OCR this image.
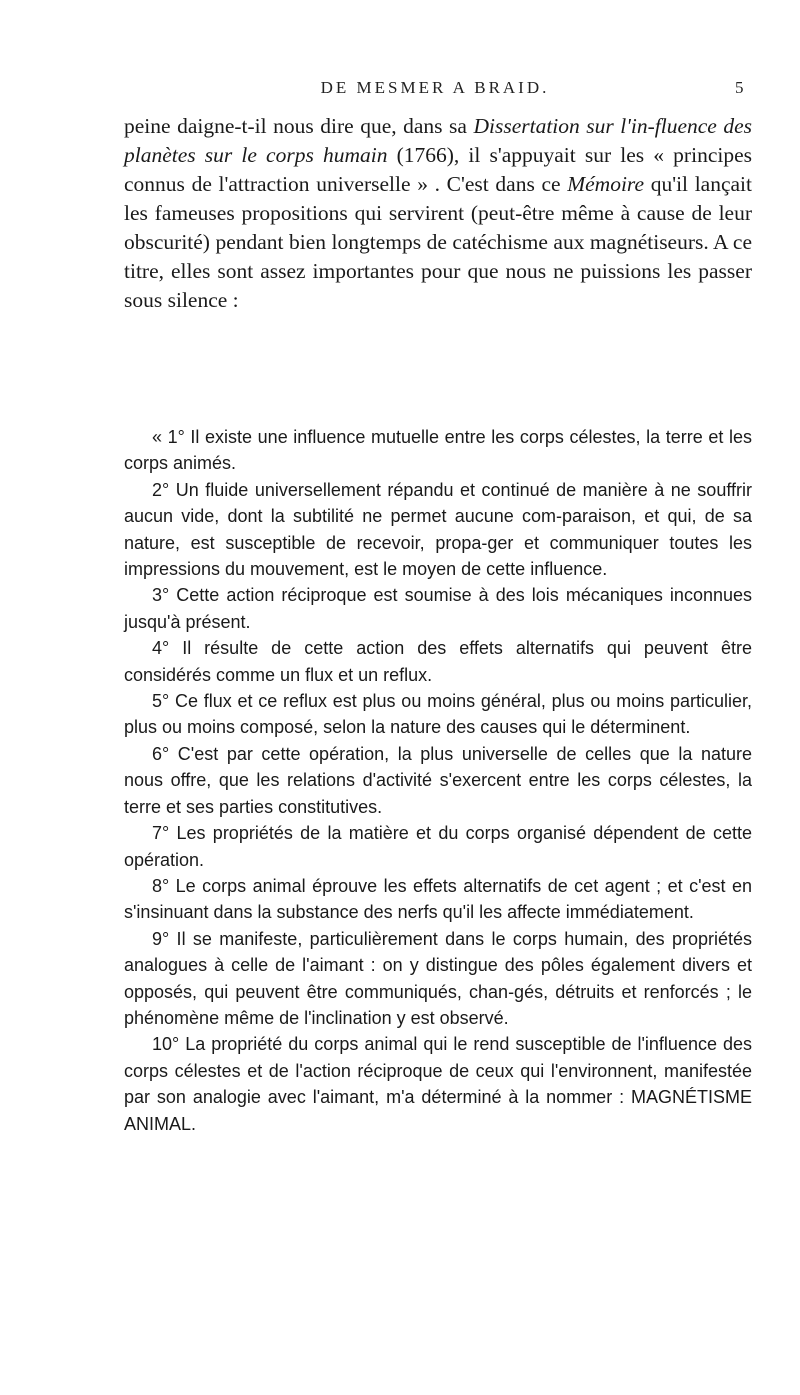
DE MESMER A BRAID.	5

peine daigne-t-il nous dire que, dans sa Dissertation sur l'in-fluence des planètes sur le corps humain (1766), il s'appuyait sur les « principes connus de l'attraction universelle » . C'est dans ce Mémoire qu'il lançait les fameuses propositions qui servirent (peut-être même à cause de leur obscurité) pendant bien longtemps de catéchisme aux magnétiseurs. A ce titre, elles sont assez importantes pour que nous ne puissions les passer sous silence :

« 1° Il existe une influence mutuelle entre les corps célestes, la terre et les corps animés.

2° Un fluide universellement répandu et continué de manière à ne souffrir aucun vide, dont la subtilité ne permet aucune com-paraison, et qui, de sa nature, est susceptible de recevoir, propa-ger et communiquer toutes les impressions du mouvement, est le moyen de cette influence.

3° Cette action réciproque est soumise à des lois mécaniques inconnues jusqu'à présent.

4° Il résulte de cette action des effets alternatifs qui peuvent être considérés comme un flux et un reflux.

5° Ce flux et ce reflux est plus ou moins général, plus ou moins particulier, plus ou moins composé, selon la nature des causes qui le déterminent.

6° C'est par cette opération, la plus universelle de celles que la nature nous offre, que les relations d'activité s'exercent entre les corps célestes, la terre et ses parties constitutives.

7° Les propriétés de la matière et du corps organisé dépendent de cette opération.

8° Le corps animal éprouve les effets alternatifs de cet agent ; et c'est en s'insinuant dans la substance des nerfs qu'il les affecte immédiatement.

9° Il se manifeste, particulièrement dans le corps humain, des propriétés analogues à celle de l'aimant : on y distingue des pôles également divers et opposés, qui peuvent être communiqués, chan-gés, détruits et renforcés ; le phénomène même de l'inclination y est observé.

10° La propriété du corps animal qui le rend susceptible de l'influence des corps célestes et de l'action réciproque de ceux qui l'environnent, manifestée par son analogie avec l'aimant, m'a déterminé à la nommer : MAGNÉTISME ANIMAL.
